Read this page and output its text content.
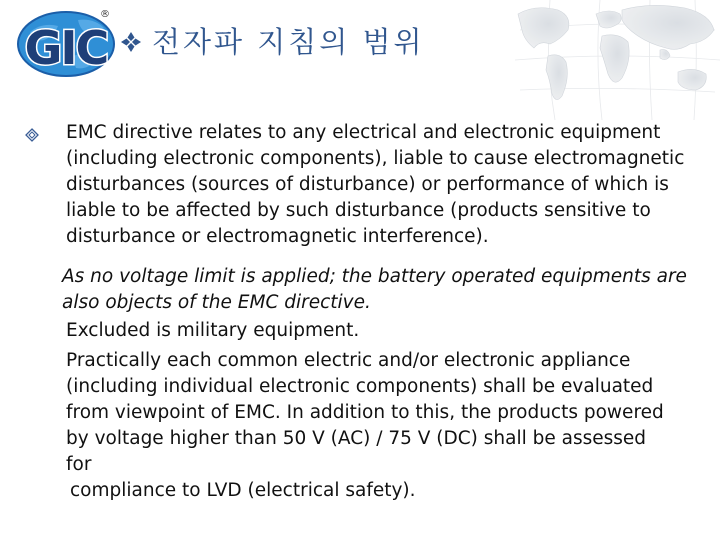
GIC
®
전자파 지침의 범위
EMC directive relates to any electrical and electronic equipment
(including electronic components), liable to cause electromagnetic
disturbances (sources of disturbance) or performance of which is
liable to be affected by such disturbance (products sensitive to
disturbance or electromagnetic interference).
As no voltage limit is applied; the battery operated equipments are
also objects of the EMC directive.
Excluded is military equipment.
Practically each common electric and/or electronic appliance
(including individual electronic components) shall be evaluated
from viewpoint of EMC. In addition to this, the products powered
by voltage higher than 50 V (AC) / 75 V (DC) shall be assessed
for
compliance to LVD (electrical safety).
